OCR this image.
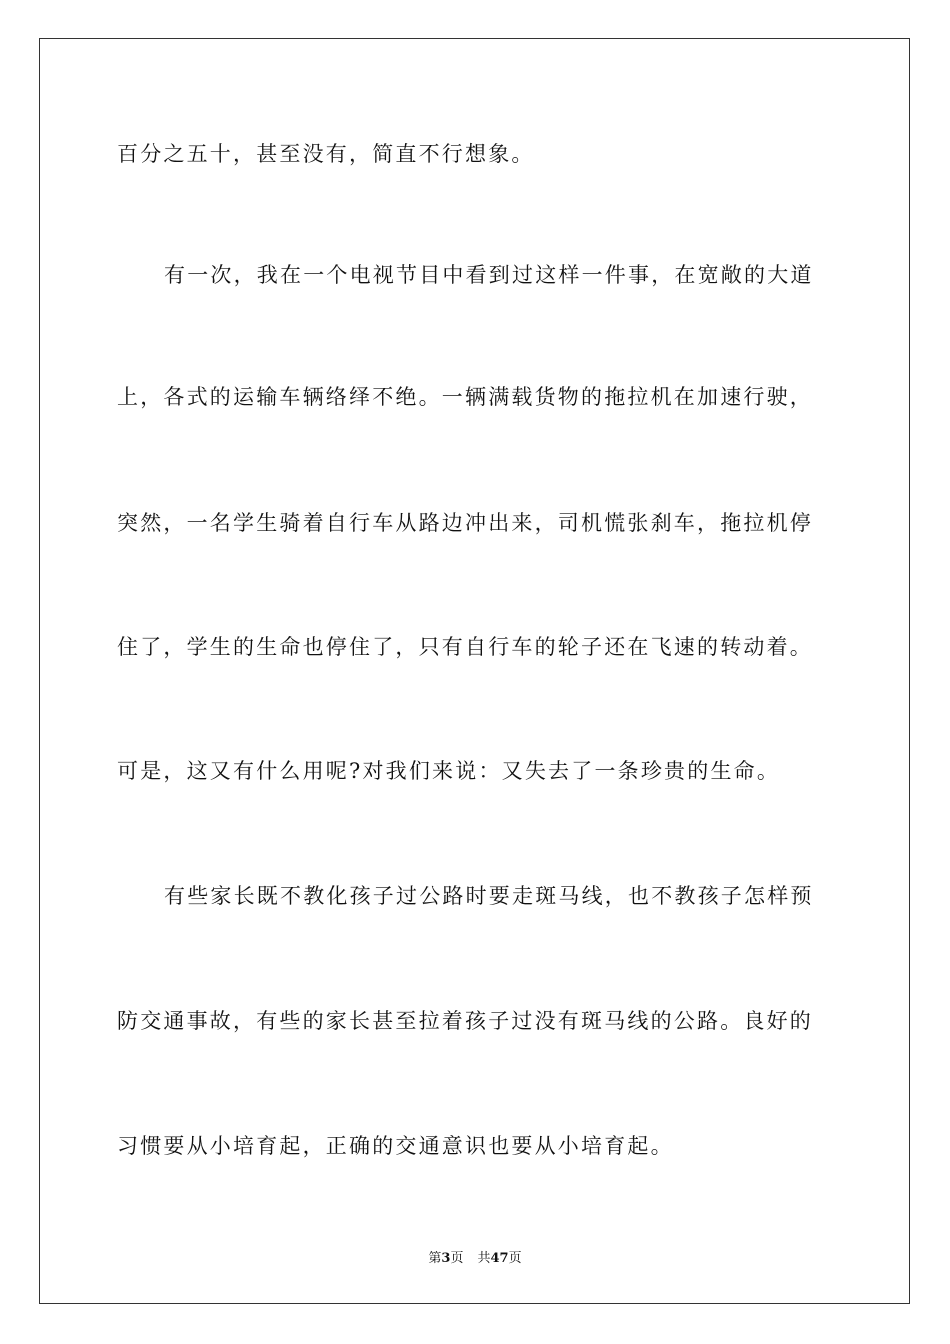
百分之五十，甚至没有，简直不行想象。
有一次，我在一个电视节目中看到过这样一件事，在宽敞的大道
上，各式的运输车辆络绎不绝。一辆满载货物的拖拉机在加速行驶，
突然，一名学生骑着自行车从路边冲出来，司机慌张刹车，拖拉机停
住了，学生的生命也停住了，只有自行车的轮子还在飞速的转动着。
可是，这又有什么用呢?对我们来说：又失去了一条珍贵的生命。
有些家长既不教化孩子过公路时要走斑马线，也不教孩子怎样预
防交通事故，有些的家长甚至拉着孩子过没有斑马线的公路。良好的
习惯要从小培育起，正确的交通意识也要从小培育起。
第3页 共47页
